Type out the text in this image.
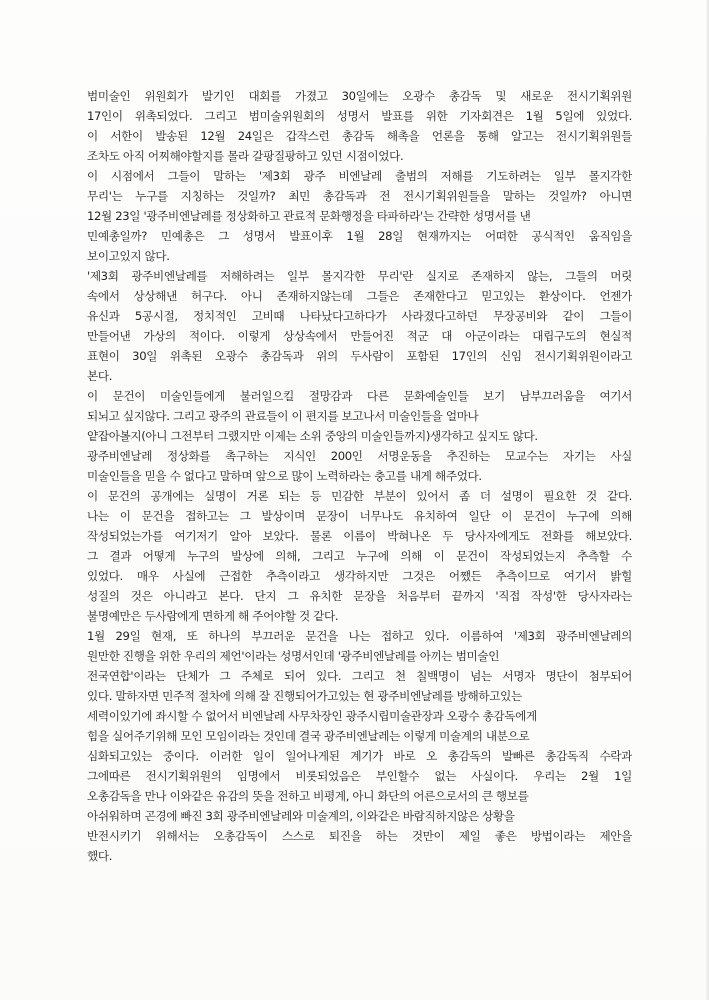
범미술인 위원회가 발기인 대회를 가졌고 30일에는 오광수 총감독 및 새로운 전시기획위원
17인이 위촉되었다. 그리고 범미술위원회의 성명서 발표를 위한 기자회견은 1월 5일에 있었다.
이 서한이 발송된 12월 24일은 갑작스런 총감독 해촉을 언론을 통해 알고는 전시기획위원들
조차도 아직 어찌해야할지를 몰라 갈팡질팡하고 있던 시점이었다.
이 시점에서 그들이 말하는 '제3회 광주 비엔날레 출범의 저해를 기도하려는 일부 몰지각한
무리'는 누구를 지칭하는 것일까? 최민 총감독과 전 전시기획위원들을 말하는 것일까? 아니면
12월 23일 '광주비엔날레를 정상화하고 관료적 문화행정을 타파하라'는 간략한 성명서를 낸
민예총일까? 민예총은 그 성명서 발표이후 1월 28일 현재까지는 어떠한 공식적인 움직임을
보이고있지 않다.
'제3회 광주비엔날레를 저해하려는 일부 몰지각한 무리'란 실지로 존재하지 않는, 그들의 머릿
속에서 상상해낸 허구다. 아니 존재하지않는데 그들은 존재한다고 믿고있는 환상이다. 언젠가
유신과 5공시절, 정치적인 고비때 나타났다고하다가 사라졌다고하던 무장공비와 같이 그들이
만들어낸 가상의 적이다. 이렇게 상상속에서 만들어진 적군 대 아군이라는 대립구도의 현실적
표현이 30일 위촉된 오광수 총감독과 위의 두사람이 포함된 17인의 신임 전시기획위원이라고
본다.
이 문건이 미술인들에게 불러일으킬 절망감과 다른 문화예술인들 보기 남부끄러움을 여기서
되뇌고 싶지않다. 그리고 광주의 관료들이 이 편지를 보고나서 미술인들을 얼마나
얕잡아볼지(아니 그전부터 그랬지만 이제는 소위 중앙의 미술인들까지)생각하고 싶지도 않다.
광주비엔날레 정상화를 촉구하는 지식인 200인 서명운동을 추진하는 모교수는 자기는 사실
미술인들을 믿을 수 없다고 말하며 앞으로 많이 노력하라는 충고를 내게 해주었다.
이 문건의 공개에는 실명이 거론 되는 등 민감한 부분이 있어서 좀 더 설명이 필요한 것 같다.
나는 이 문건을 접하고는 그 발상이며 문장이 너무나도 유치하여 일단 이 문건이 누구에 의해
작성되었는가를 여기저기 알아 보았다. 물론 이름이 박혀나온 두 당사자에게도 전화를 해보았다.
그 결과 어떻게 누구의 발상에 의해, 그리고 누구에 의해 이 문건이 작성되었는지 추측할 수
있었다. 매우 사실에 근접한 추측이라고 생각하지만 그것은 어쨌든 추측이므로 여기서 밝힐
성질의 것은 아니라고 본다. 단지 그 유치한 문장을 처음부터 끝까지 '직접 작성'한 당사자라는
불명예만은 두사람에게 면하게 해 주어야할 것 같다.
1월 29일 현재, 또 하나의 부끄러운 문건을 나는 접하고 있다. 이름하여 '제3회 광주비엔날레의
원만한 진행을 위한 우리의 제언'이라는 성명서인데 '광주비엔날레를 아끼는 범미술인
전국연합'이라는 단체가 그 주체로 되어 있다. 그리고 천 칠백명이 넘는 서명자 명단이 첨부되어
있다. 말하자면 민주적 절차에 의해 잘 진행되어가고있는 현 광주비엔날레를 방해하고있는
세력이있기에 좌시할 수 없어서 비엔날레 사무차장인 광주시립미술관장과 오광수 총감독에게
힘을 실어주기위해 모인 모임이라는 것인데 결국 광주비엔날레는 이렇게 미술계의 내분으로
심화되고있는 중이다. 이러한 일이 일어나게된 계기가 바로 오 총감독의 발빠른 총감독직 수락과
그에따른 전시기획위원의 임명에서 비롯되었음은 부인할수 없는 사실이다. 우리는 2월 1일
오총감독을 만나 이와같은 유감의 뜻을 전하고 비평계, 아니 화단의 어른으로서의 큰 행보를
아쉬워하며 곤경에 빠진 3회 광주비엔날레와 미술계의, 이와같은 바람직하지않은 상황을
반전시키기 위해서는 오총감독이 스스로 퇴진을 하는 것만이 제일 좋은 방법이라는 제안을
했다.
